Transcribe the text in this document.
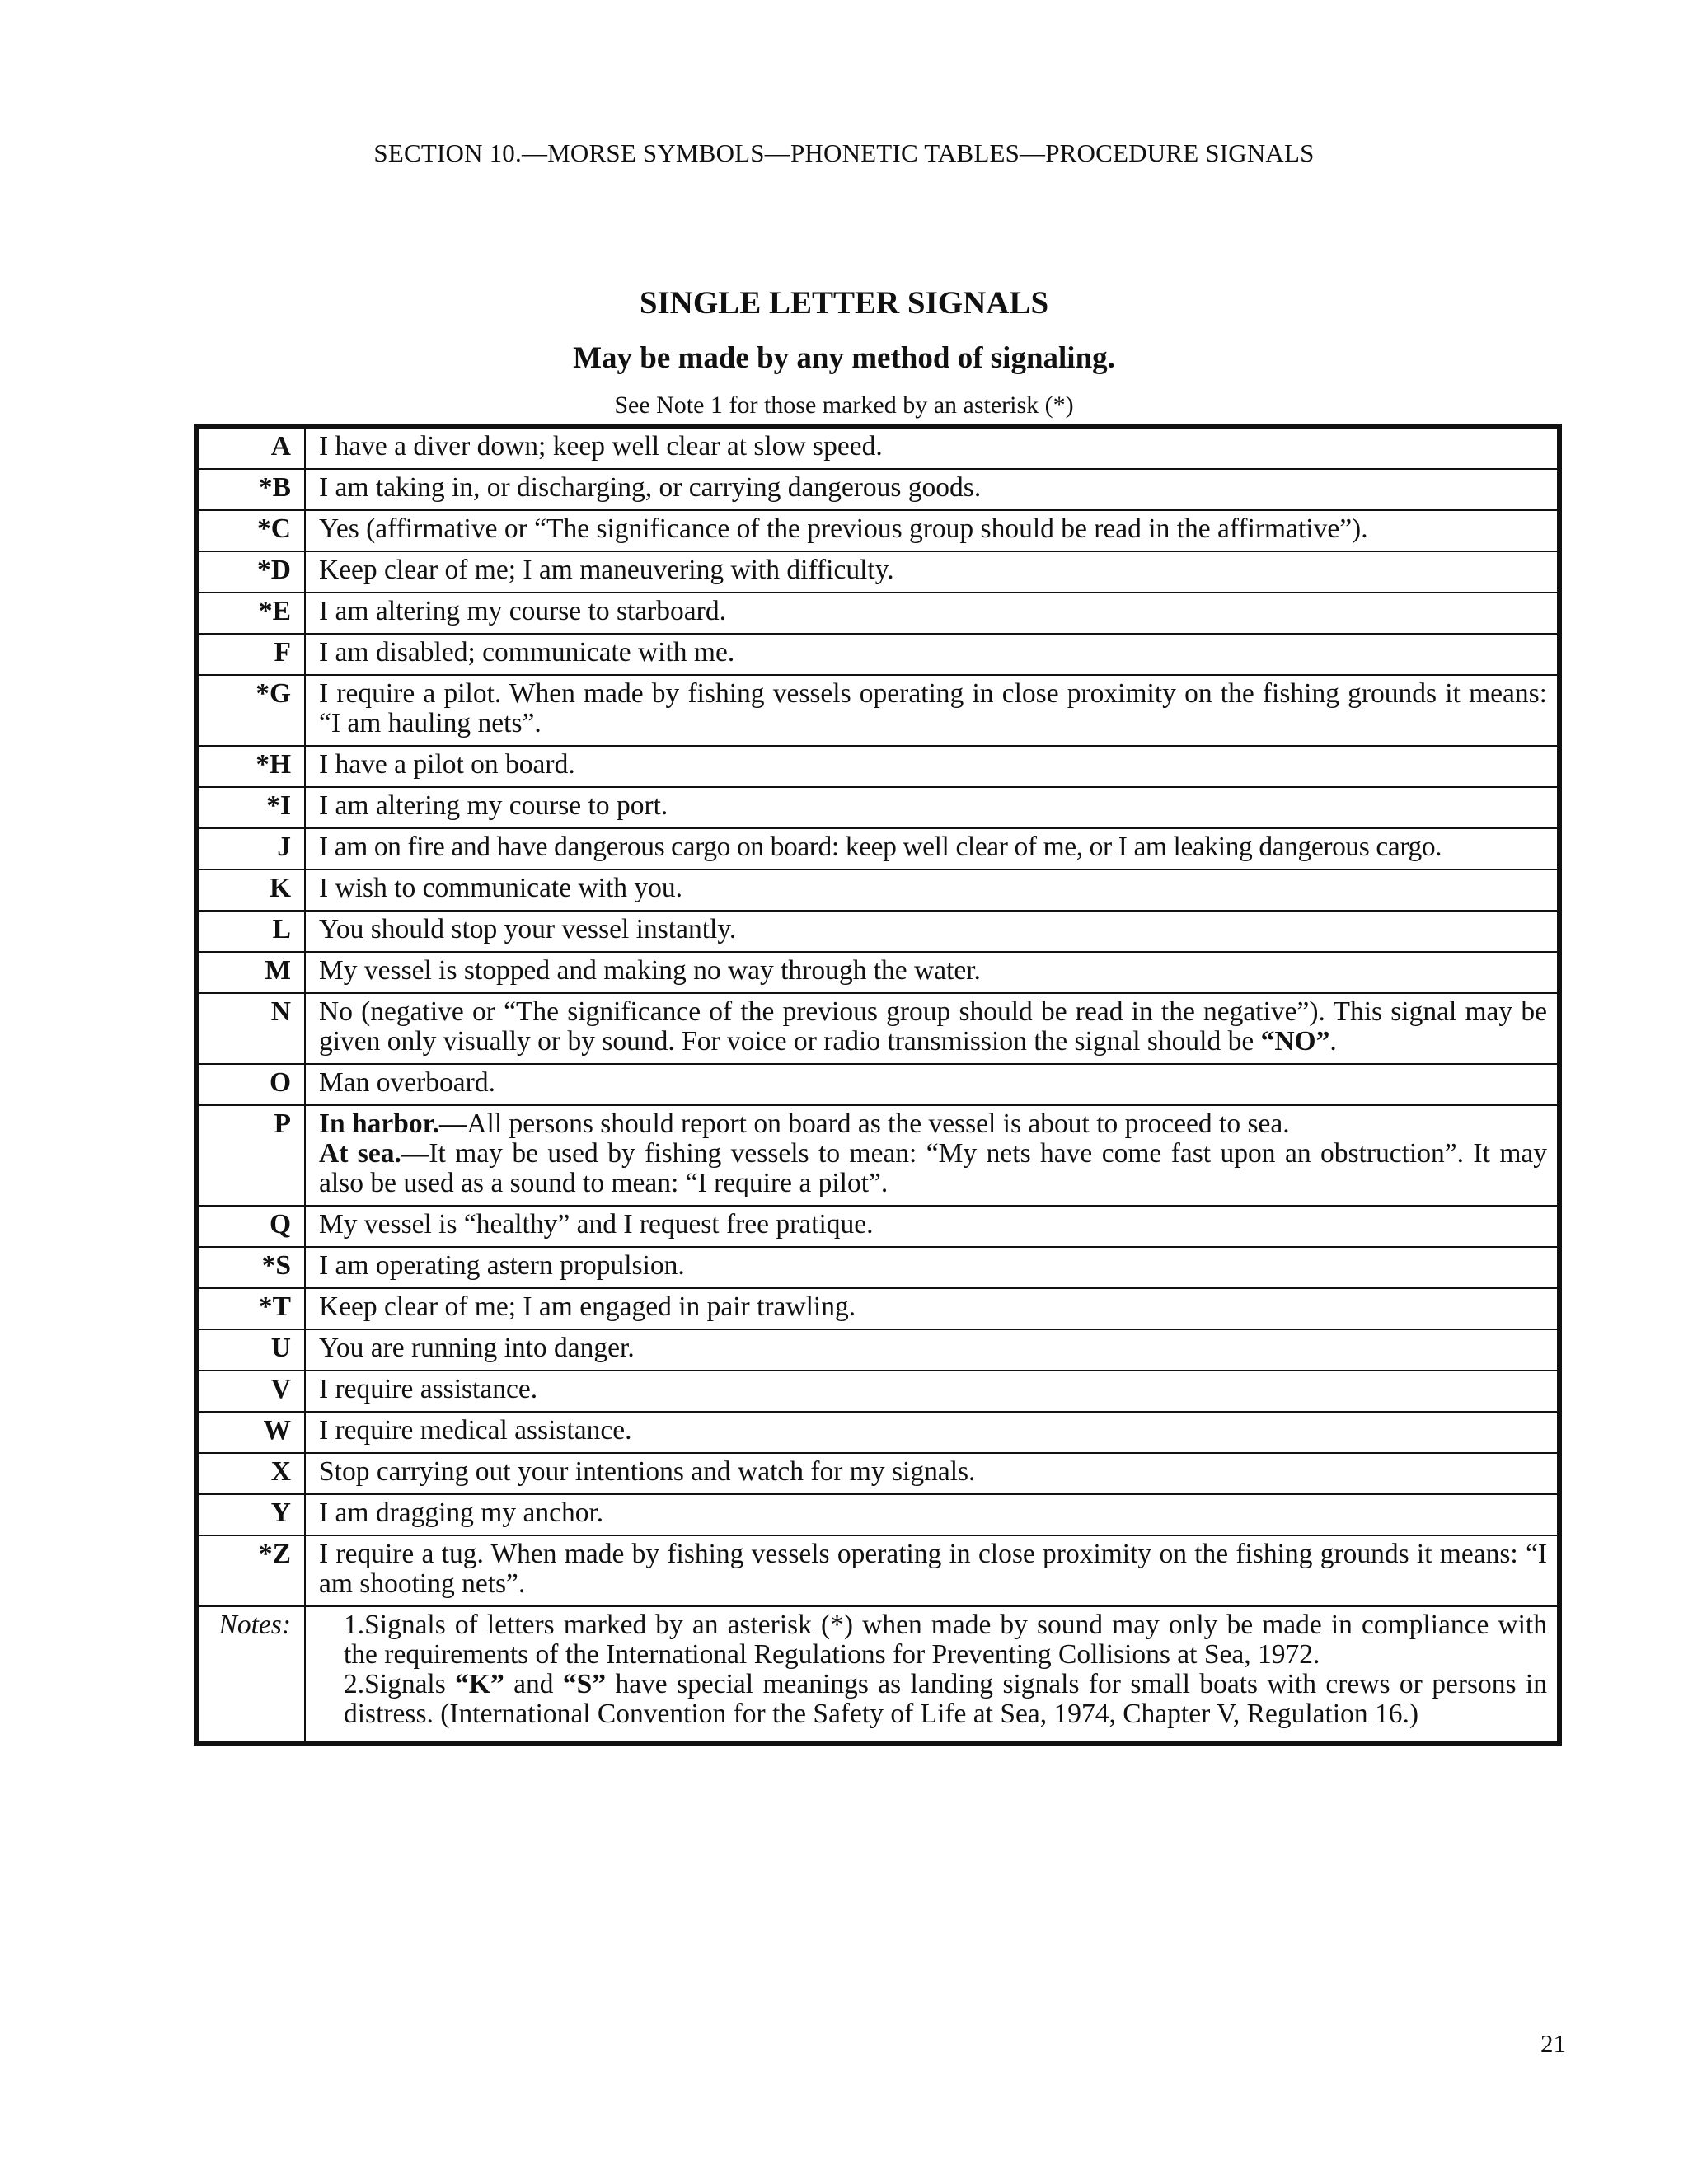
SECTION 10.—MORSE SYMBOLS—PHONETIC TABLES—PROCEDURE SIGNALS
SINGLE LETTER SIGNALS
May be made by any method of signaling.
See Note 1 for those marked by an asterisk (*)
A	I have a diver down; keep well clear at slow speed.
*B	I am taking in, or discharging, or carrying dangerous goods.
*C	Yes (affirmative or “The significance of the previous group should be read in the affirmative”).
*D	Keep clear of me; I am maneuvering with difficulty.
*E	I am altering my course to starboard.
F	I am disabled; communicate with me.
*G	I require a pilot. When made by fishing vessels operating in close proximity on the fishing grounds it means: “I am hauling nets”.
*H	I have a pilot on board.
*I	I am altering my course to port.
J	I am on fire and have dangerous cargo on board: keep well clear of me, or I am leaking dangerous cargo.
K	I wish to communicate with you.
L	You should stop your vessel instantly.
M	My vessel is stopped and making no way through the water.
N	No (negative or “The significance of the previous group should be read in the negative”). This signal may be given only visually or by sound. For voice or radio transmission the signal should be “NO”.
O	Man overboard.
P	In harbor.—All persons should report on board as the vessel is about to proceed to sea.
At sea.—It may be used by fishing vessels to mean: “My nets have come fast upon an obstruction”. It may also be used as a sound to mean: “I require a pilot”.

Q	My vessel is “healthy” and I request free pratique.
*S	I am operating astern propulsion.
*T	Keep clear of me; I am engaged in pair trawling.
U	You are running into danger.
V	I require assistance.
W	I require medical assistance.
X	Stop carrying out your intentions and watch for my signals.
Y	I am dragging my anchor.
*Z	I require a tug. When made by fishing vessels operating in close proximity on the fishing grounds it means: “I am shooting nets”.
Notes:	1.Signals of letters marked by an asterisk (*) when made by sound may only be made in compliance with the requirements of the International Regulations for Preventing Collisions at Sea, 1972.

2.Signals “K” and “S” have special meanings as landing signals for small boats with crews or persons in distress. (International Convention for the Safety of Life at Sea, 1974, Chapter V, Regulation 16.)

21
